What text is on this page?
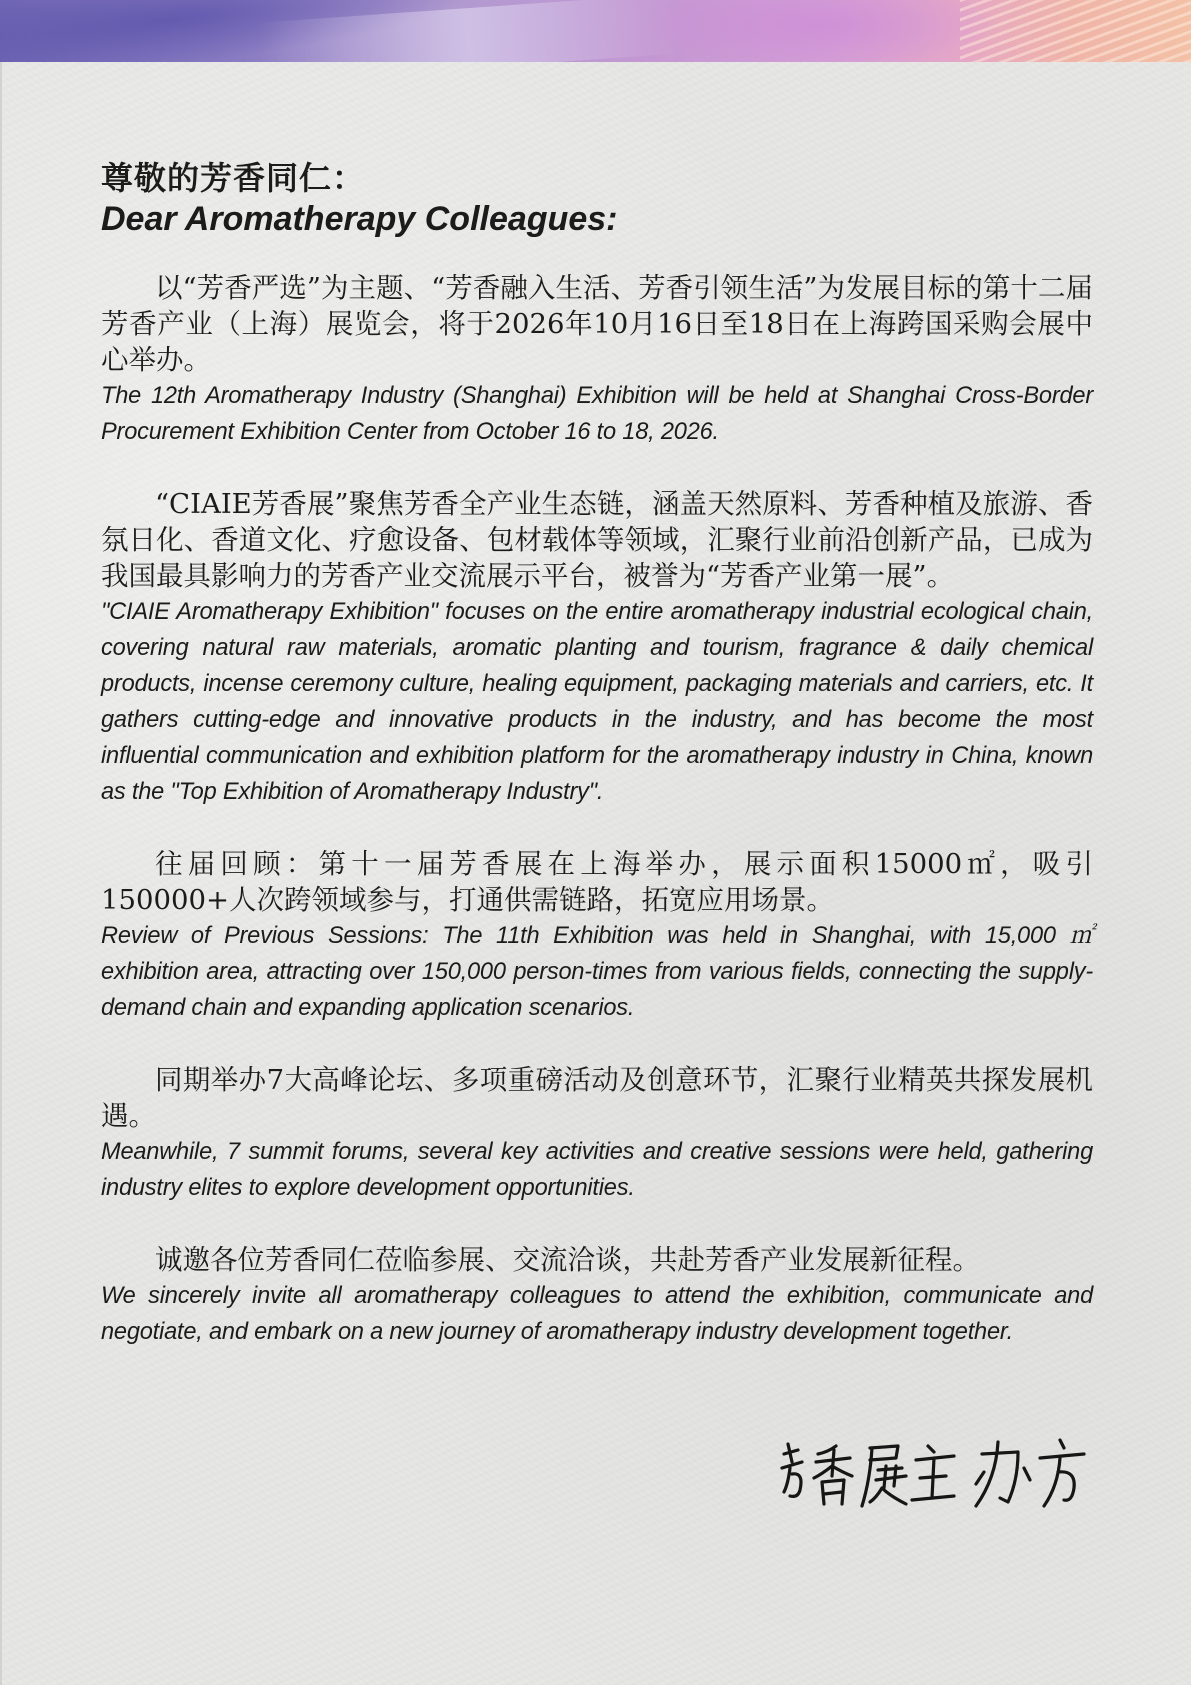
尊敬的芳香同仁：

Dear Aromatherapy Colleagues:

以“芳香严选”为主题、“芳香融入生活、芳香引领生活”为发展目标的第十二届芳香产业（上海）展览会，将于2026年10月16日至18日在上海跨国采购会展中心举办。

The 12th Aromatherapy Industry (Shanghai) Exhibition will be held at Shanghai Cross-Border Procurement Exhibition Center from October 16 to 18, 2026.

“CIAIE芳香展”聚焦芳香全产业生态链，涵盖天然原料、芳香种植及旅游、香氛日化、香道文化、疗愈设备、包材载体等领域，汇聚行业前沿创新产品，已成为我国最具影响力的芳香产业交流展示平台，被誉为“芳香产业第一展”。

"CIAIE Aromatherapy Exhibition" focuses on the entire aromatherapy industrial ecological chain, covering natural raw materials, aromatic planting and tourism, fragrance & daily chemical products, incense ceremony culture, healing equipment, packaging materials and carriers, etc. It gathers cutting-edge and innovative products in the industry, and has become the most influential communication and exhibition platform for the aromatherapy industry in China, known as the "Top Exhibition of Aromatherapy Industry".

往届回顾：第十一届芳香展在上海举办，展示面积15000㎡，吸引150000+人次跨领域参与，打通供需链路，拓宽应用场景。

Review of Previous Sessions: The 11th Exhibition was held in Shanghai, with 15,000 ㎡ exhibition area, attracting over 150,000 person-times from various fields, connecting the supply-demand chain and expanding application scenarios.

同期举办7大高峰论坛、多项重磅活动及创意环节，汇聚行业精英共探发展机遇。

Meanwhile, 7 summit forums, several key activities and creative sessions were held, gathering industry elites to explore development opportunities.

诚邀各位芳香同仁莅临参展、交流洽谈，共赴芳香产业发展新征程。

We sincerely invite all aromatherapy colleagues to attend the exhibition, communicate and negotiate, and embark on a new journey of aromatherapy industry development together.
